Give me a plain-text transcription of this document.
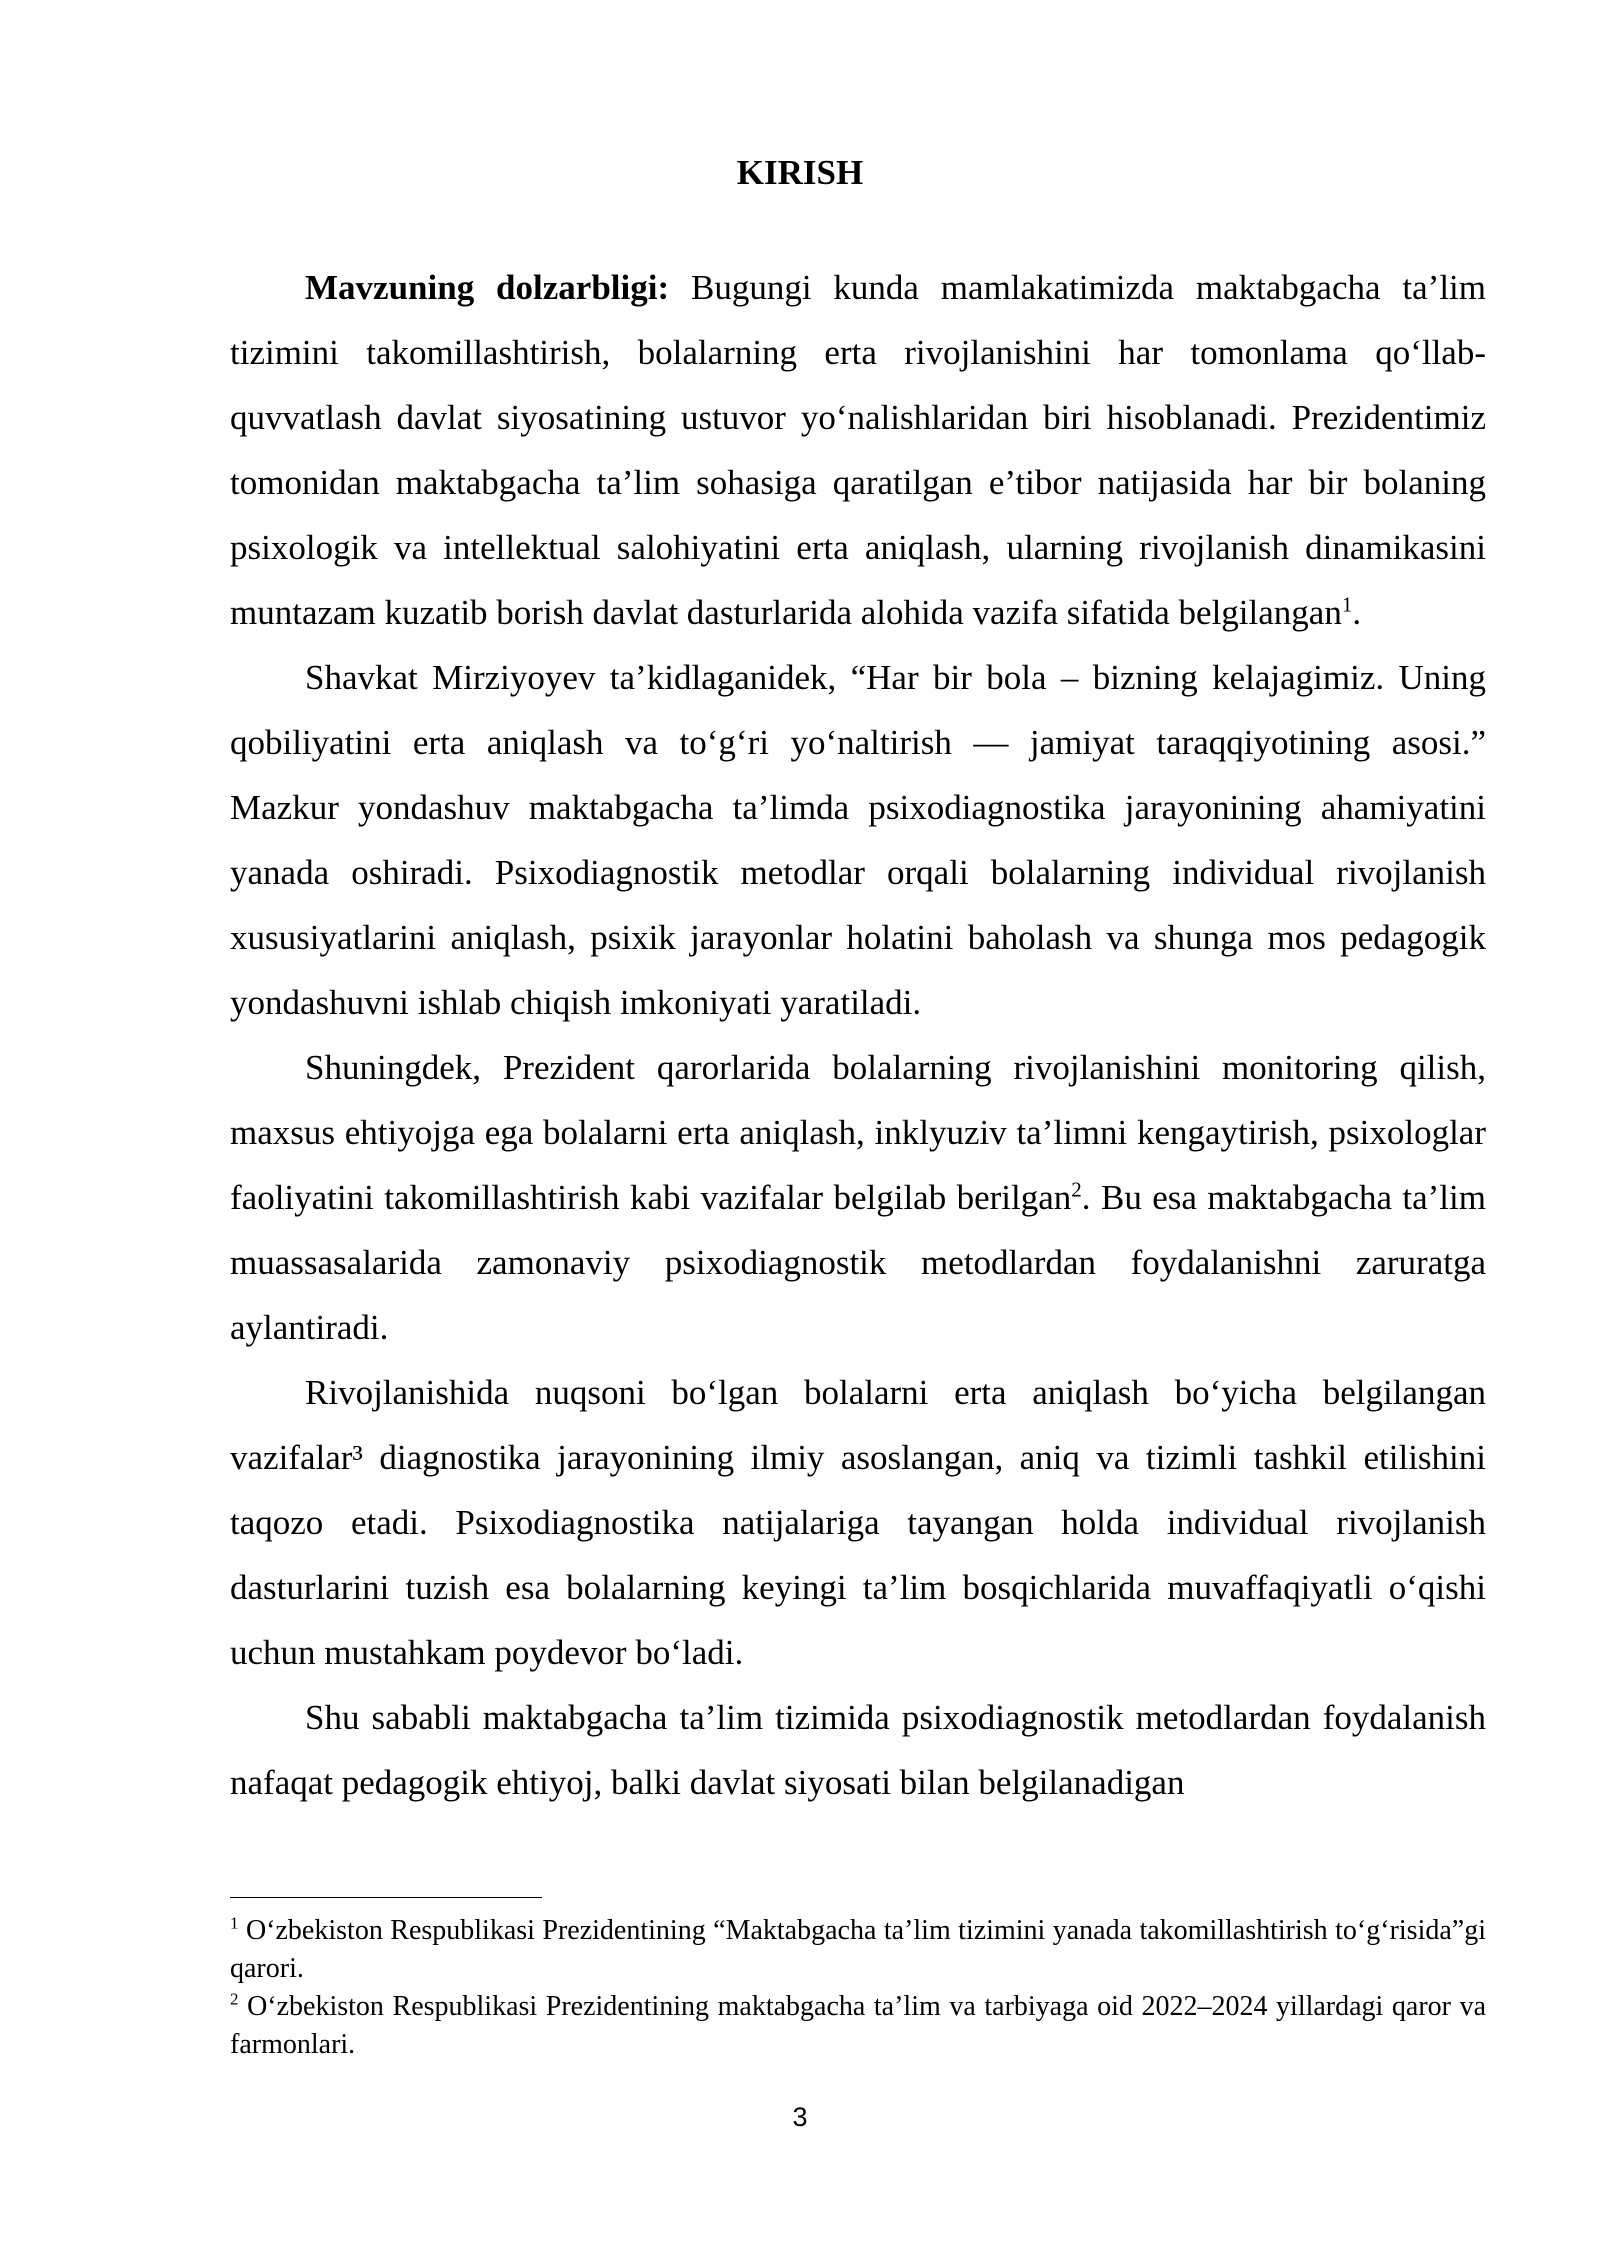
KIRISH

Mavzuning dolzarbligi: Bugungi kunda mamlakatimizda maktabgacha ta’lim tizimini takomillashtirish, bolalarning erta rivojlanishini har tomonlama qo‘llab-quvvatlash davlat siyosatining ustuvor yo‘nalishlaridan biri hisoblanadi. Prezidentimiz tomonidan maktabgacha ta’lim sohasiga qaratilgan e’tibor natijasida har bir bolaning psixologik va intellektual salohiyatini erta aniqlash, ularning rivojlanish dinamikasini muntazam kuzatib borish davlat dasturlarida alohida vazifa sifatida belgilangan$^1$.

Shavkat Mirziyoyev ta’kidlaganidek, “Har bir bola – bizning kelajagimiz. Uning qobiliyatini erta aniqlash va to‘g‘ri yo‘naltirish — jamiyat taraqqiyotining asosi.” Mazkur yondashuv maktabgacha ta’limda psixodiagnostika jarayonining ahamiyatini yanada oshiradi. Psixodiagnostik metodlar orqali bolalarning individual rivojlanish xususiyatlarini aniqlash, psixik jarayonlar holatini baholash va shunga mos pedagogik yondashuvni ishlab chiqish imkoniyati yaratiladi.

Shuningdek, Prezident qarorlarida bolalarning rivojlanishini monitoring qilish, maxsus ehtiyojga ega bolalarni erta aniqlash, inklyuziv ta’limni kengaytirish, psixologlar faoliyatini takomillashtirish kabi vazifalar belgilab berilgan$^2$. Bu esa maktabgacha ta’lim muassasalarida zamonaviy psixodiagnostik metodlardan foydalanishni zaruratga aylantiradi.

Rivojlanishida nuqsoni bo‘lgan bolalarni erta aniqlash bo‘yicha belgilangan vazifalar³ diagnostika jarayonining ilmiy asoslangan, aniq va tizimli tashkil etilishini taqozo etadi. Psixodiagnostika natijalariga tayangan holda individual rivojlanish dasturlarini tuzish esa bolalarning keyingi ta’lim bosqichlarida muvaffaqiyatli o‘qishi uchun mustahkam poydevor bo‘ladi.

Shu sababli maktabgacha ta’lim tizimida psixodiagnostik metodlardan foydalanish nafaqat pedagogik ehtiyoj, balki davlat siyosati bilan belgilanadigan

$^1$ O‘zbekiston Respublikasi Prezidentining “Maktabgacha ta’lim tizimini yanada takomillashtirish to‘g‘risida”gi qarori.

$^2$ O‘zbekiston Respublikasi Prezidentining maktabgacha ta’lim va tarbiyaga oid 2022–2024 yillardagi qaror va farmonlari.

3
